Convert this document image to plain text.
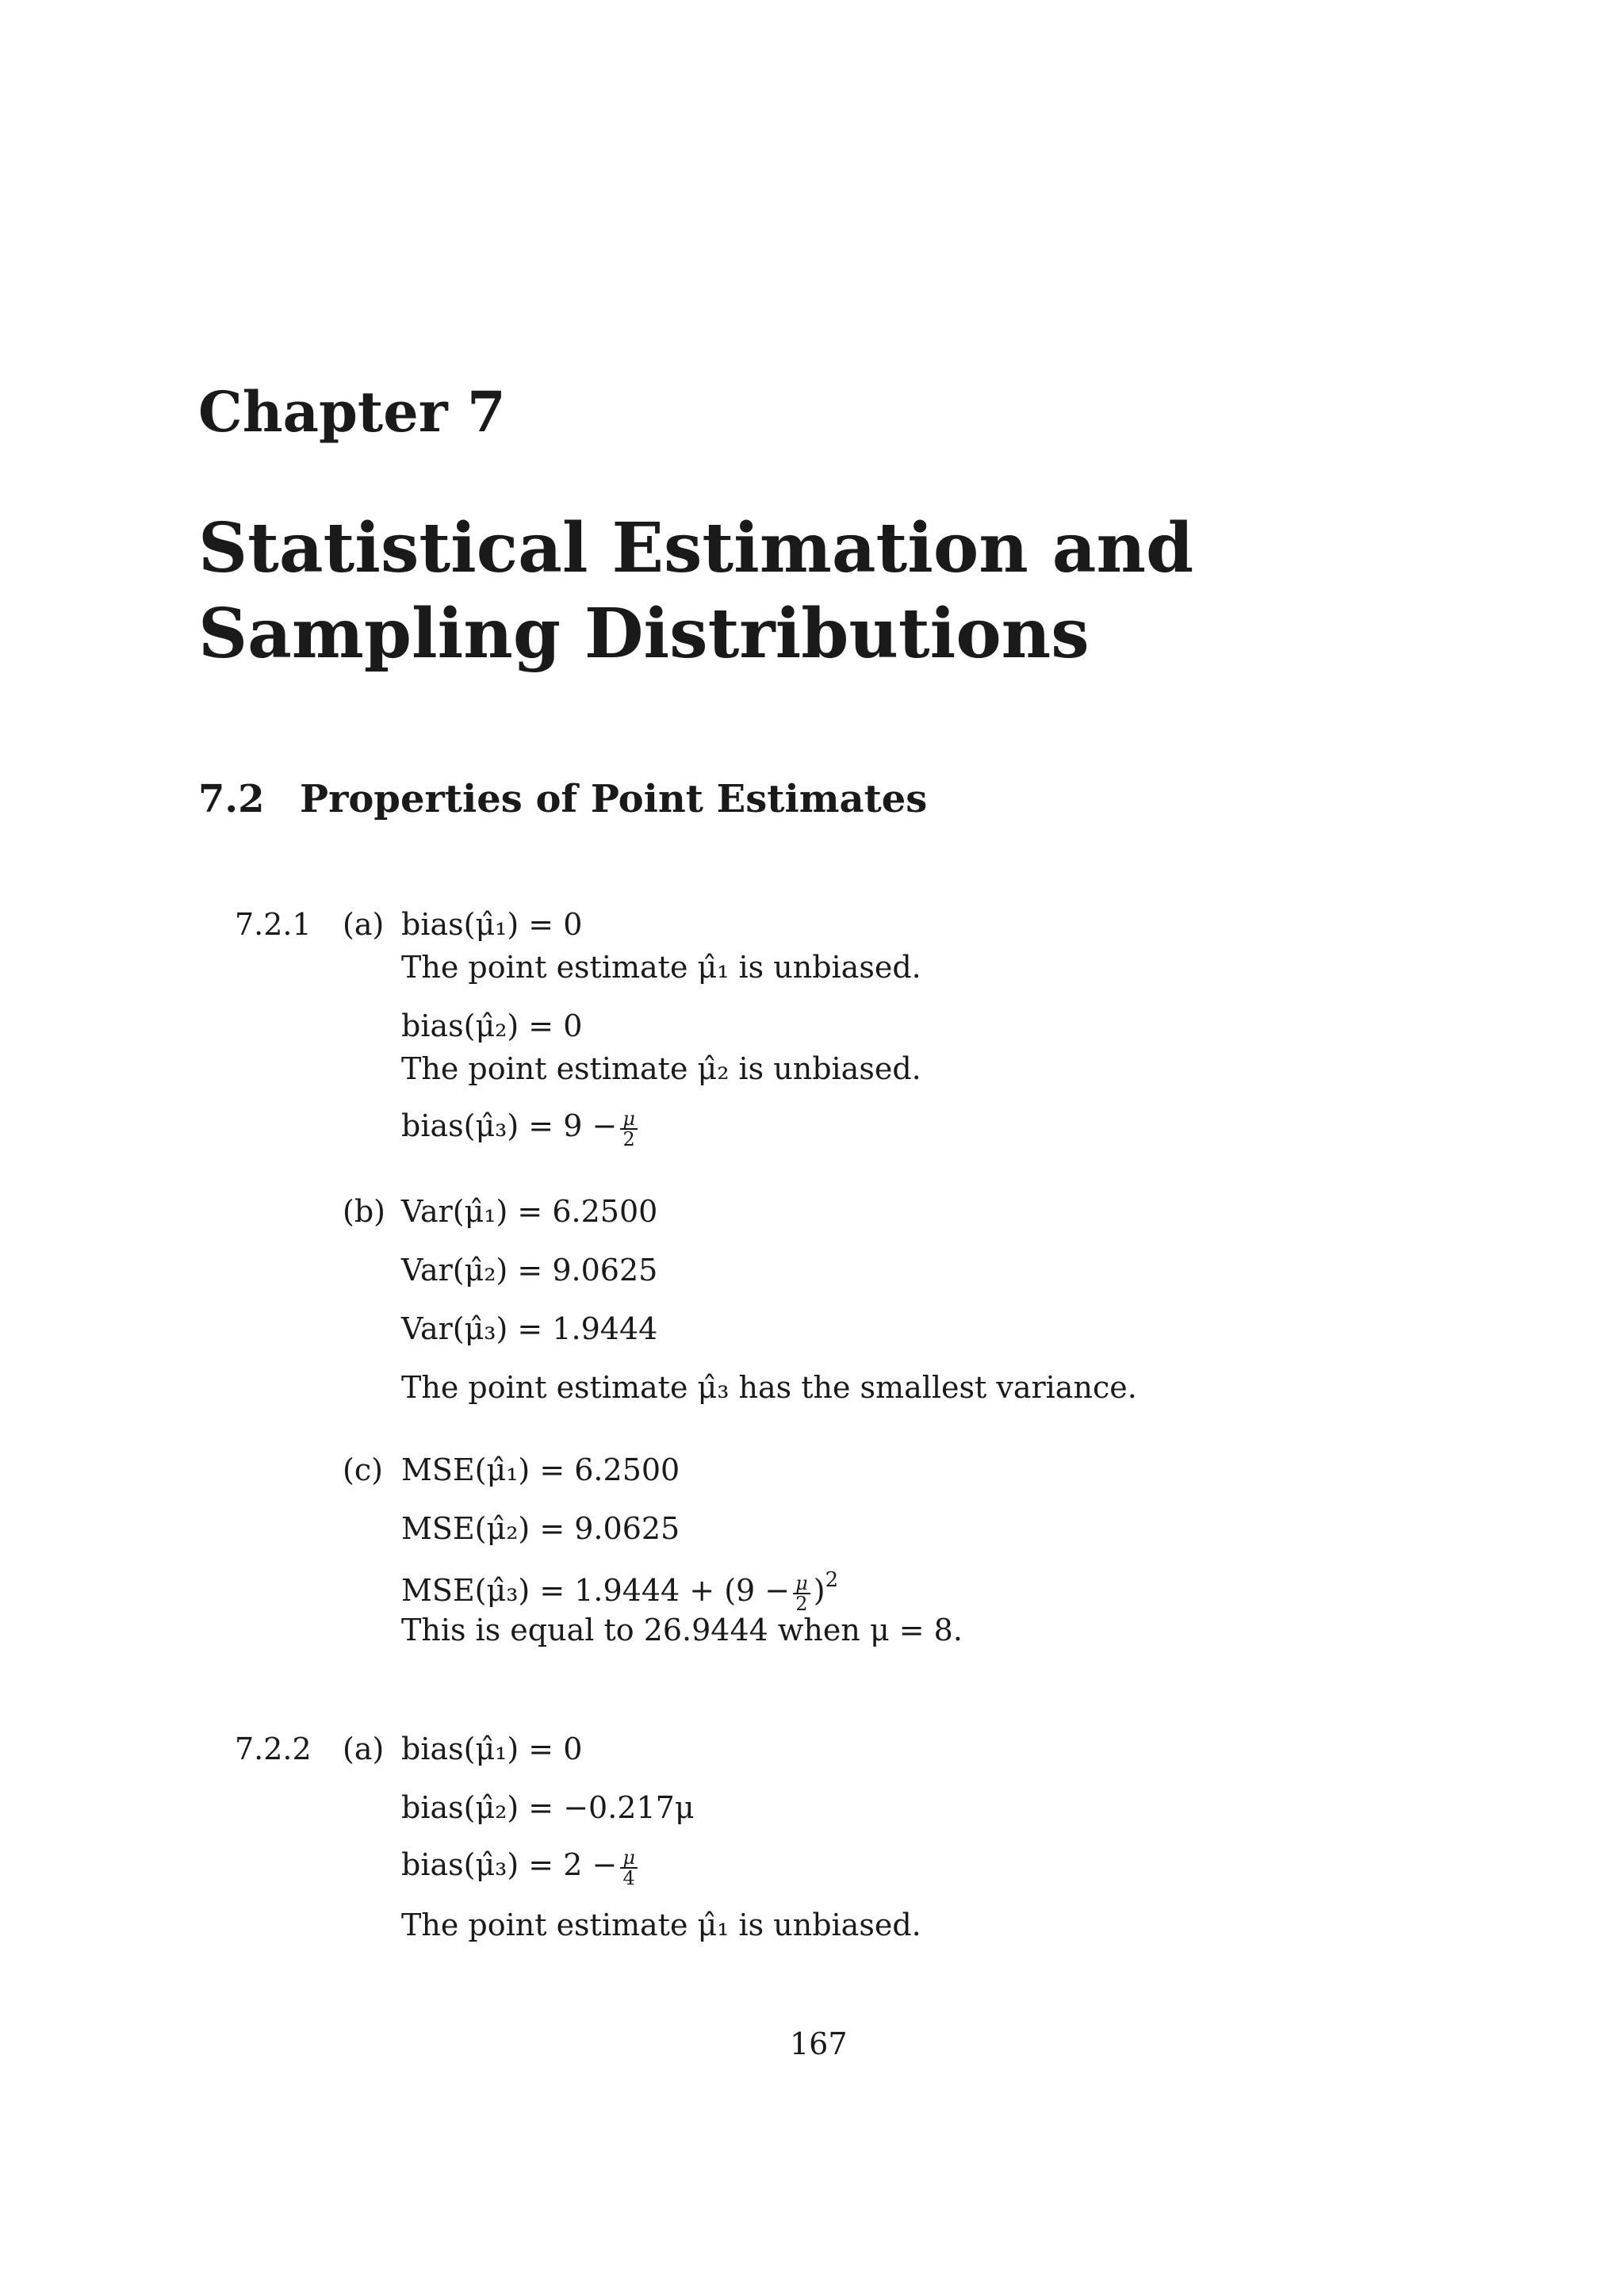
Chapter 7
Statistical Estimation and Sampling Distributions
7.2 Properties of Point Estimates
7.2.1 (a) bias(μ̂₁) = 0
The point estimate μ̂₁ is unbiased.
bias(μ̂₂) = 0
The point estimate μ̂₂ is unbiased.
bias(μ̂₃) = $9 - \frac{\mu}{2}$
(b) Var(μ̂₁) = 6.2500
Var(μ̂₂) = 9.0625
Var(μ̂₃) = 1.9444
The point estimate μ̂₃ has the smallest variance.
(c) MSE(μ̂₁) = 6.2500
MSE(μ̂₂) = 9.0625
MSE(μ̂₃) = $1.9444 + (9 - \frac{\mu}{2} )^2$
This is equal to 26.9444 when μ = 8.
7.2.2 (a) bias(μ̂₁) = 0
bias(μ̂₂) = −0.217μ
bias(μ̂₃) = $2 - \frac{\mu}{4}$
The point estimate μ̂₁ is unbiased.
167
